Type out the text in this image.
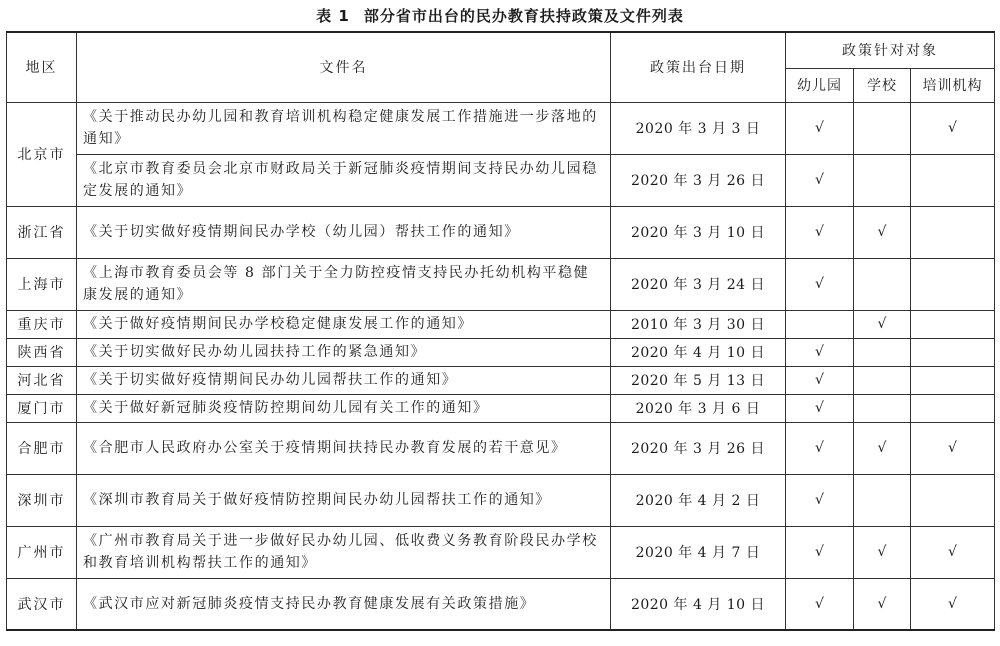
表 1 部分省市出台的民办教育扶持政策及文件列表
地区	文件名	政策出台日期	政策针对对象		
			幼儿园	学校	培训机构
北京市	《关于推动民办幼儿园和教育培训机构稳定健康发展工作措施进一步落地的通知》	2020 年 3 月 3 日	√		√
	《北京市教育委员会北京市财政局关于新冠肺炎疫情期间支持民办幼儿园稳定发展的通知》	2020 年 3 月 26 日	√		
浙江省	《关于切实做好疫情期间民办学校（幼儿园）帮扶工作的通知》	2020 年 3 月 10 日	√	√	
上海市	《上海市教育委员会等 8 部门关于全力防控疫情支持民办托幼机构平稳健康发展的通知》	2020 年 3 月 24 日	√		
重庆市	《关于做好疫情期间民办学校稳定健康发展工作的通知》	2010 年 3 月 30 日		√	
陕西省	《关于切实做好民办幼儿园扶持工作的紧急通知》	2020 年 4 月 10 日	√		
河北省	《关于切实做好疫情期间民办幼儿园帮扶工作的通知》	2020 年 5 月 13 日	√		
厦门市	《关于做好新冠肺炎疫情防控期间幼儿园有关工作的通知》	2020 年 3 月 6 日	√		
合肥市	《合肥市人民政府办公室关于疫情期间扶持民办教育发展的若干意见》	2020 年 3 月 26 日	√	√	√
深圳市	《深圳市教育局关于做好疫情防控期间民办幼儿园帮扶工作的通知》	2020 年 4 月 2 日	√		
广州市	《广州市教育局关于进一步做好民办幼儿园、低收费义务教育阶段民办学校和教育培训机构帮扶工作的通知》	2020 年 4 月 7 日	√	√	√
武汉市	《武汉市应对新冠肺炎疫情支持民办教育健康发展有关政策措施》	2020 年 4 月 10 日	√	√	√
